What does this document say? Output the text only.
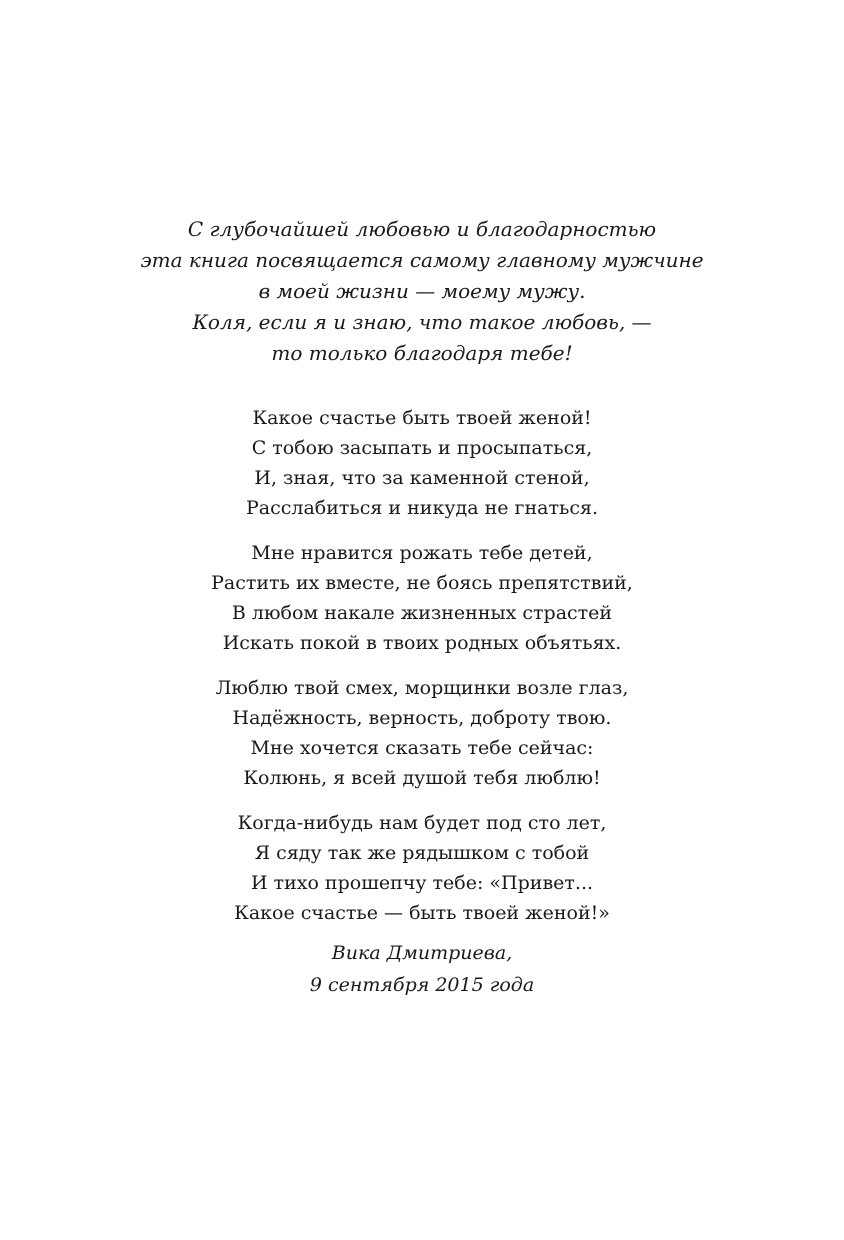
С глубочайшей любовью и благодарностью
эта книга посвящается самому главному мужчине
в моей жизни — моему мужу.
Коля, если я и знаю, что такое любовь, —
то только благодаря тебе!
Какое счастье быть твоей женой!
С тобою засыпать и просыпаться,
И, зная, что за каменной стеной,
Расслабиться и никуда не гнаться.
Мне нравится рожать тебе детей,
Растить их вместе, не боясь препятствий,
В любом накале жизненных страстей
Искать покой в твоих родных объятьях.
Люблю твой смех, морщинки возле глаз,
Надёжность, верность, доброту твою.
Мне хочется сказать тебе сейчас:
Колюнь, я всей душой тебя люблю!
Когда-нибудь нам будет под сто лет,
Я сяду так же рядышком с тобой
И тихо прошепчу тебе: «Привет...
Какое счастье — быть твоей женой!»
Вика Дмитриева,
9 сентября 2015 года
